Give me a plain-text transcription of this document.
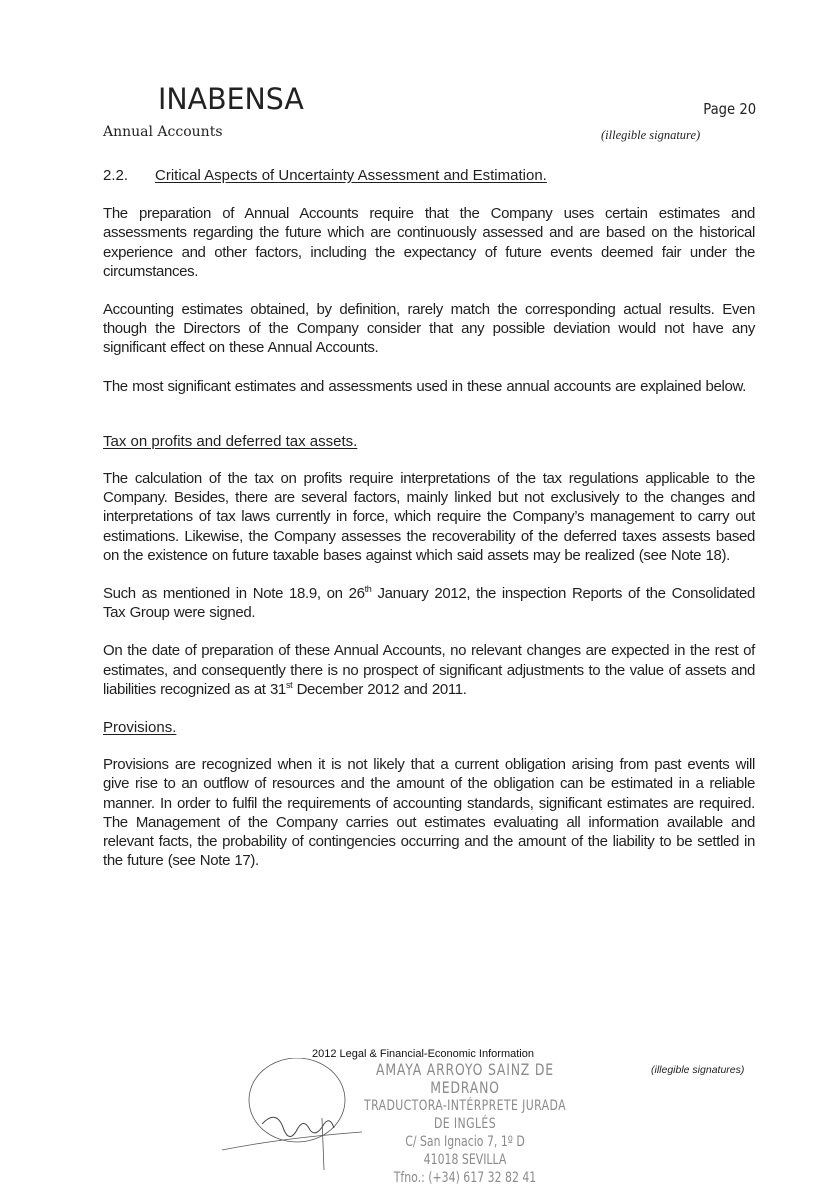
INABENSA
Annual Accounts
Page 20
(illegible signature)
2.2.	Critical Aspects of Uncertainty Assessment and Estimation.

The preparation of Annual Accounts require that the Company uses certain estimates and assessments regarding the future which are continuously assessed and are based on the historical experience and other factors, including the expectancy of future events deemed fair under the circumstances.

Accounting estimates obtained, by definition, rarely match the corresponding actual results. Even though the Directors of the Company consider that any possible deviation would not have any significant effect on these Annual Accounts.

The most significant estimates and assessments used in these annual accounts are explained below.

Tax on profits and deferred tax assets.

The calculation of the tax on profits require interpretations of the tax regulations applicable to the Company. Besides, there are several factors, mainly linked but not exclusively to the changes and interpretations of tax laws currently in force, which require the Company’s management to carry out estimations. Likewise, the Company assesses the recoverability of the deferred taxes assests based on the existence on future taxable bases against which said assets may be realized (see Note 18).

Such as mentioned in Note 18.9, on 26th January 2012, the inspection Reports of the Consolidated Tax Group were signed.

On the date of preparation of these Annual Accounts, no relevant changes are expected in the rest of estimates, and consequently there is no prospect of significant adjustments to the value of assets and liabilities recognized as at 31st December 2012 and 2011.

Provisions.

Provisions are recognized when it is not likely that a current obligation arising from past events will give rise to an outflow of resources and the amount of the obligation can be estimated in a reliable manner. In order to fulfil the requirements of accounting standards, significant estimates are required. The Management of the Company carries out estimates evaluating all information available and relevant facts, the probability of contingencies occurring and the amount of the liability to be settled in the future (see Note 17).

2012 Legal & Financial-Economic Information
AMAYA ARROYO SAINZ DE MEDRANO
TRADUCTORA-INTÉRPRETE JURADA DE INGLÉS
C/ San Ignacio 7, 1º D
41018 SEVILLA
Tfno.: (+34) 617 32 82 41
(illegible signatures)
